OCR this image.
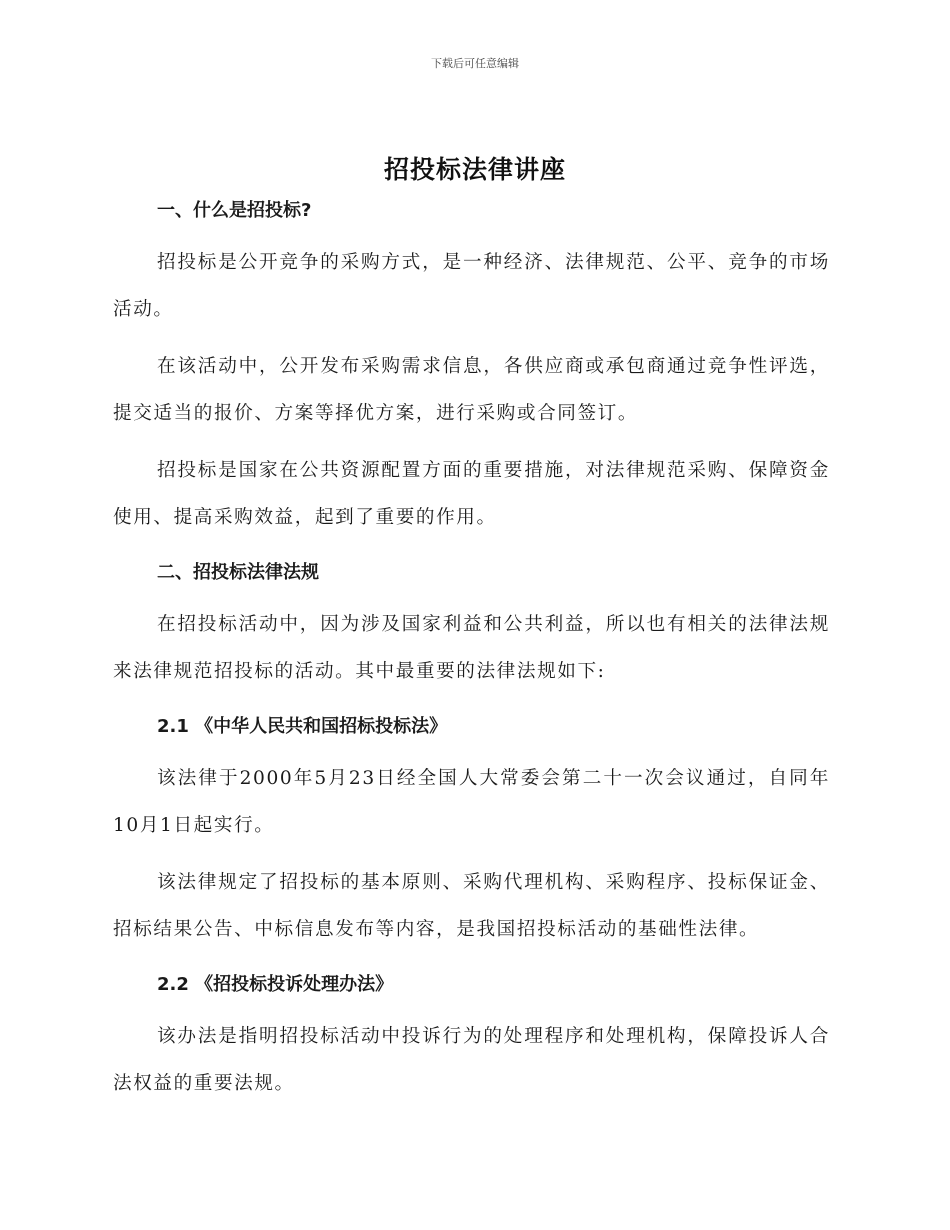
下载后可任意编辑
招投标法律讲座

一、什么是招投标?

招投标是公开竞争的采购方式，是一种经济、法律规范、公平、竞争的市场活动。

在该活动中，公开发布采购需求信息，各供应商或承包商通过竞争性评选，提交适当的报价、方案等择优方案，进行采购或合同签订。

招投标是国家在公共资源配置方面的重要措施，对法律规范采购、保障资金使用、提高采购效益，起到了重要的作用。

二、招投标法律法规

在招投标活动中，因为涉及国家利益和公共利益，所以也有相关的法律法规来法律规范招投标的活动。其中最重要的法律法规如下:

2.1 《中华人民共和国招标投标法》

该法律于2000年5月23日经全国人大常委会第二十一次会议通过，自同年10月1日起实行。

该法律规定了招投标的基本原则、采购代理机构、采购程序、投标保证金、招标结果公告、中标信息发布等内容，是我国招投标活动的基础性法律。

2.2 《招投标投诉处理办法》

该办法是指明招投标活动中投诉行为的处理程序和处理机构，保障投诉人合法权益的重要法规。
